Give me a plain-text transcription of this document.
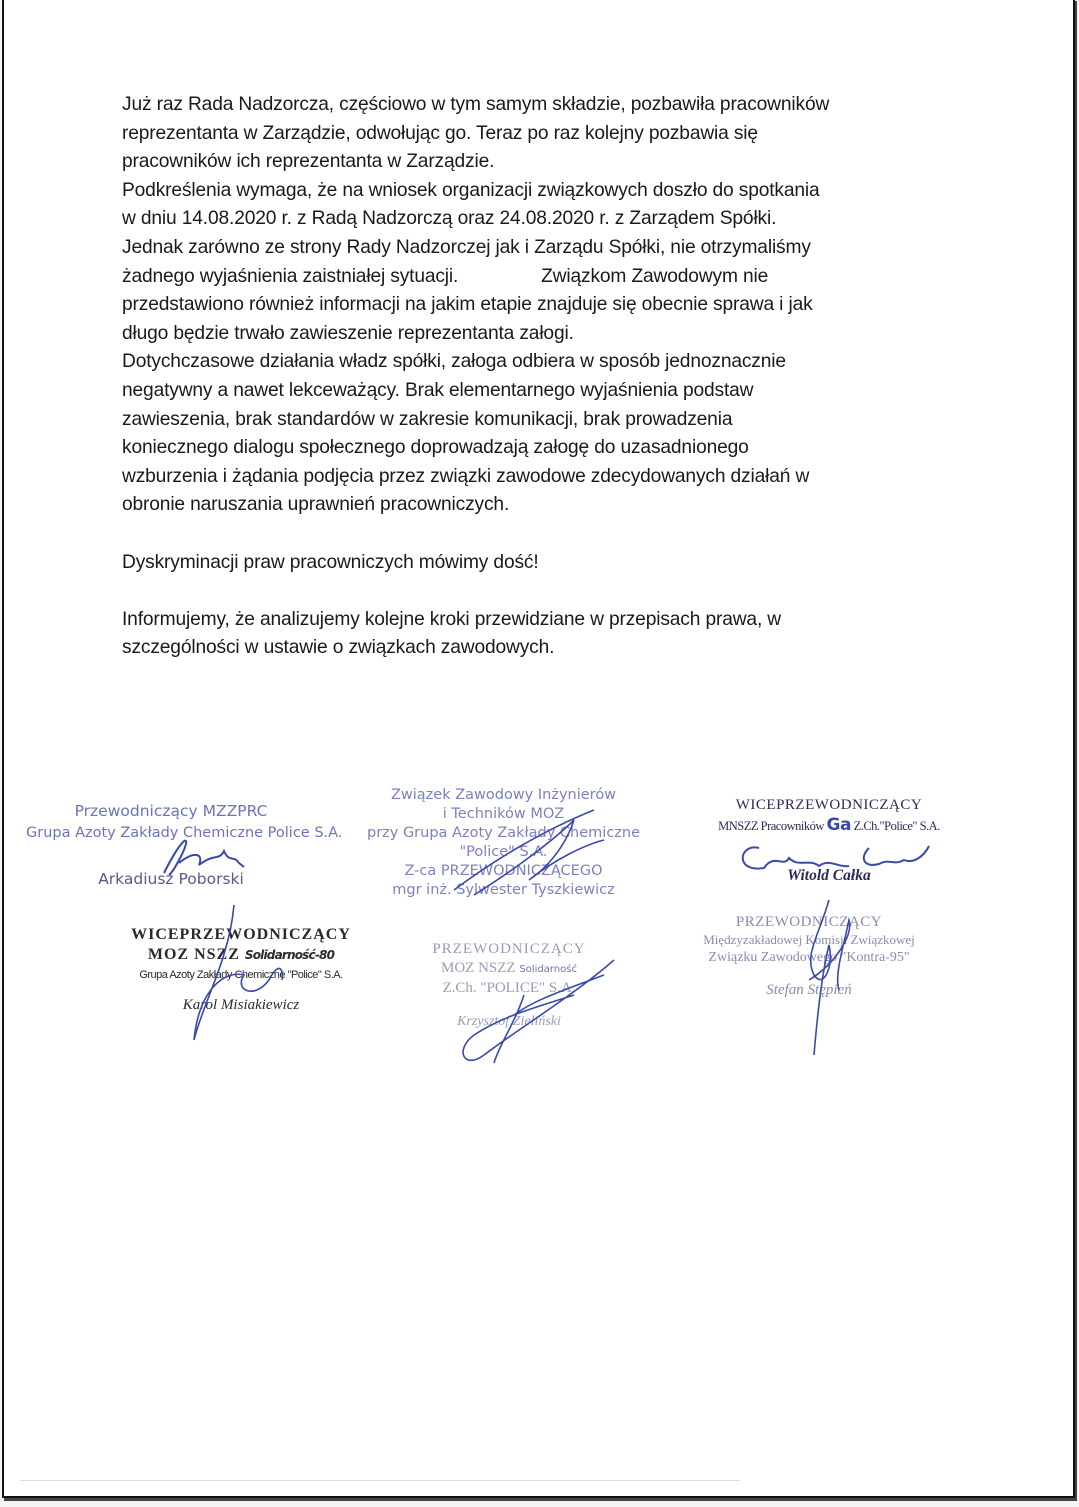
Już raz Rada Nadzorcza, częściowo w tym samym składzie, pozbawiła pracowników

reprezentanta w Zarządzie, odwołując go. Teraz po raz kolejny pozbawia się

pracowników ich reprezentanta w Zarządzie.

Podkreślenia wymaga, że na wniosek organizacji związkowych doszło do spotkania

w dniu 14.08.2020 r. z Radą Nadzorczą oraz 24.08.2020 r. z Zarządem Spółki.

Jednak zarówno ze strony Rady Nadzorczej jak i Zarządu Spółki, nie otrzymaliśmy

żadnego wyjaśnienia zaistniałej sytuacji.                Związkom Zawodowym nie

przedstawiono również informacji na jakim etapie znajduje się obecnie sprawa i jak

długo będzie trwało zawieszenie reprezentanta załogi.

Dotychczasowe działania władz spółki, załoga odbiera w sposób jednoznacznie

negatywny a nawet lekceważący. Brak elementarnego wyjaśnienia podstaw

zawieszenia, brak standardów w zakresie komunikacji, brak prowadzenia

koniecznego dialogu społecznego doprowadzają załogę do uzasadnionego

wzburzenia i żądania podjęcia przez związki zawodowe zdecydowanych działań w

obronie naruszania uprawnień pracowniczych.

Dyskryminacji praw pracowniczych mówimy dość!

Informujemy, że analizujemy kolejne kroki przewidziane w przepisach prawa, w

szczególności w ustawie o związkach zawodowych.

Przewodniczący MZZPRC
Grupa Azoty Zakłady Chemiczne Police S.A.
Arkadiusz Poborski
Związek Zawodowy Inżynierów
i Techników MOZ
przy Grupa Azoty Zakłady Chemiczne
"Police" S.A.
Z-ca PRZEWODNICZĄCEGO
mgr inż. Sylwester Tyszkiewicz
WICEPRZEWODNICZĄCY
MNSZZ Pracowników Ga Z.Ch."Police" S.A.
Witold Całka
WICEPRZEWODNICZĄCY
MOZ NSZZ Solidarność-80
Grupa Azoty Zakłady Chemiczne "Police" S.A.
Karol Misiakiewicz
PRZEWODNICZĄCY
MOZ NSZZ Solidarność
Z.Ch. "POLICE" S.A.
Krzysztof Zieliński
PRZEWODNICZĄCY
Międzyzakładowej Komisji Związkowej
Związku Zawodowego "Kontra-95"
Stefan Stępień
